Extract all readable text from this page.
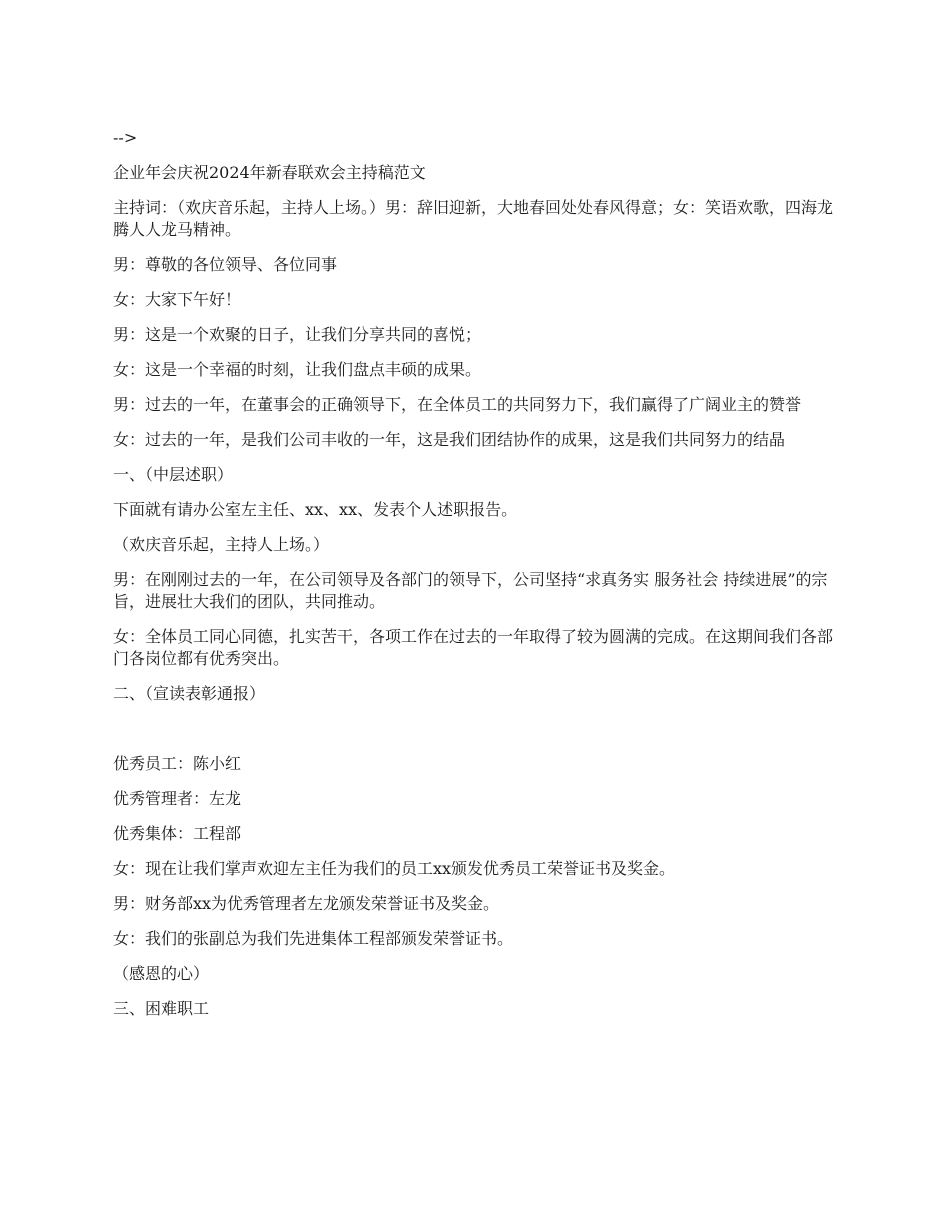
-->

企业年会庆祝2024年新春联欢会主持稿范文

主持词：（欢庆音乐起，主持人上场。）男：辞旧迎新，大地春回处处春风得意；女：笑语欢歌，四海龙腾人人龙马精神。

男：尊敬的各位领导、各位同事

女：大家下午好！

男：这是一个欢聚的日子，让我们分享共同的喜悦；

女：这是一个幸福的时刻，让我们盘点丰硕的成果。

男：过去的一年，在董事会的正确领导下，在全体员工的共同努力下，我们赢得了广阔业主的赞誉

女：过去的一年，是我们公司丰收的一年，这是我们团结协作的成果，这是我们共同努力的结晶

一、（中层述职）

下面就有请办公室左主任、xx、xx、发表个人述职报告。

（欢庆音乐起，主持人上场。）

男：在刚刚过去的一年，在公司领导及各部门的领导下，公司坚持“求真务实 服务社会 持续进展”的宗旨，进展壮大我们的团队，共同推动。

女：全体员工同心同德，扎实苦干，各项工作在过去的一年取得了较为圆满的完成。在这期间我们各部门各岗位都有优秀突出。

二、（宣读表彰通报）

优秀员工：陈小红

优秀管理者：左龙

优秀集体：工程部

女：现在让我们掌声欢迎左主任为我们的员工xx颁发优秀员工荣誉证书及奖金。

男：财务部xx为优秀管理者左龙颁发荣誉证书及奖金。

女：我们的张副总为我们先进集体工程部颁发荣誉证书。

（感恩的心）

三、困难职工
